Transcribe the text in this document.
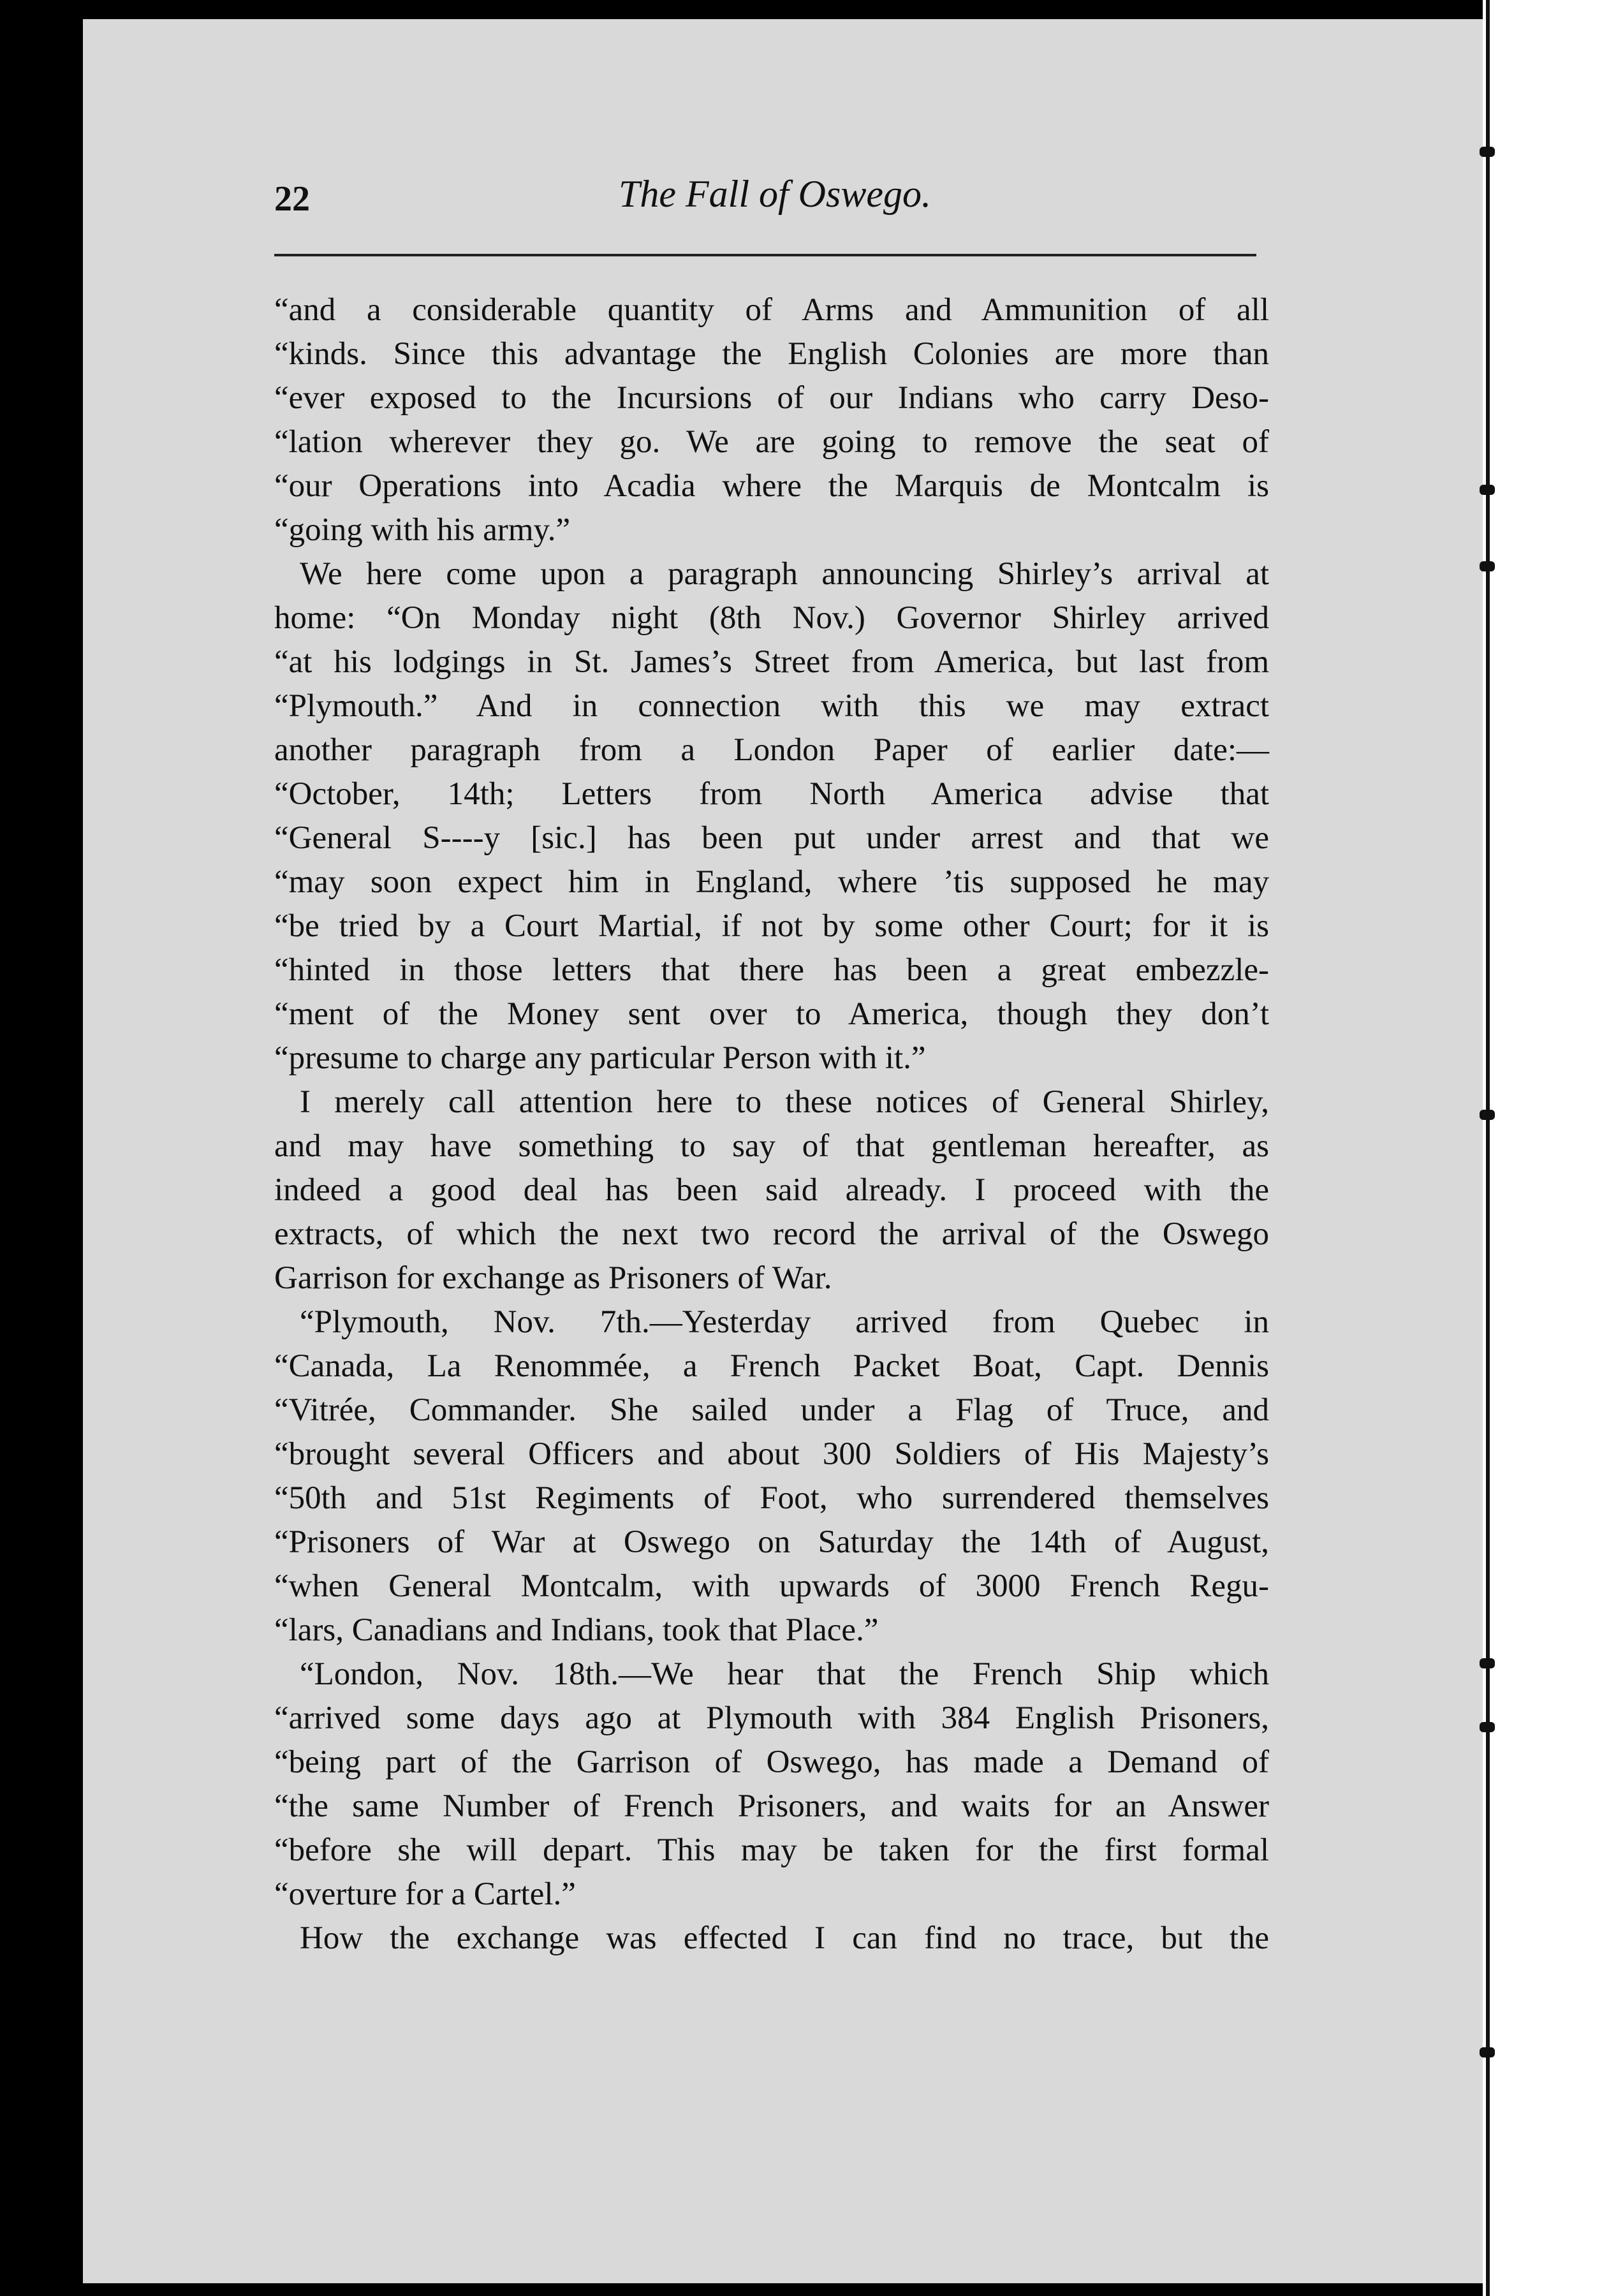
22	The Fall of Oswego.
“and a considerable quantity of Arms and Ammunition of all
“kinds. Since this advantage the English Colonies are more than
“ever exposed to the Incursions of our Indians who carry Deso-
“lation wherever they go. We are going to remove the seat of
“our Operations into Acadia where the Marquis de Montcalm is
“going with his army.”
We here come upon a paragraph announcing Shirley’s arrival at
home: “On Monday night (8th Nov.) Governor Shirley arrived
“at his lodgings in St. James’s Street from America, but last from
“Plymouth.” And in connection with this we may extract
another paragraph from a London Paper of earlier date:—
“October, 14th; Letters from North America advise that
“General S----y [sic.] has been put under arrest and that we
“may soon expect him in England, where ’tis supposed he may
“be tried by a Court Martial, if not by some other Court; for it is
“hinted in those letters that there has been a great embezzle-
“ment of the Money sent over to America, though they don’t
“presume to charge any particular Person with it.”
I merely call attention here to these notices of General Shirley,
and may have something to say of that gentleman hereafter, as
indeed a good deal has been said already. I proceed with the
extracts, of which the next two record the arrival of the Oswego
Garrison for exchange as Prisoners of War.
“Plymouth, Nov. 7th.—Yesterday arrived from Quebec in
“Canada, La Renommée, a French Packet Boat, Capt. Dennis
“Vitrée, Commander. She sailed under a Flag of Truce, and
“brought several Officers and about 300 Soldiers of His Majesty’s
“50th and 51st Regiments of Foot, who surrendered themselves
“Prisoners of War at Oswego on Saturday the 14th of August,
“when General Montcalm, with upwards of 3000 French Regu-
“lars, Canadians and Indians, took that Place.”
“London, Nov. 18th.—We hear that the French Ship which
“arrived some days ago at Plymouth with 384 English Prisoners,
“being part of the Garrison of Oswego, has made a Demand of
“the same Number of French Prisoners, and waits for an Answer
“before she will depart. This may be taken for the first formal
“overture for a Cartel.”
How the exchange was effected I can find no trace, but the
